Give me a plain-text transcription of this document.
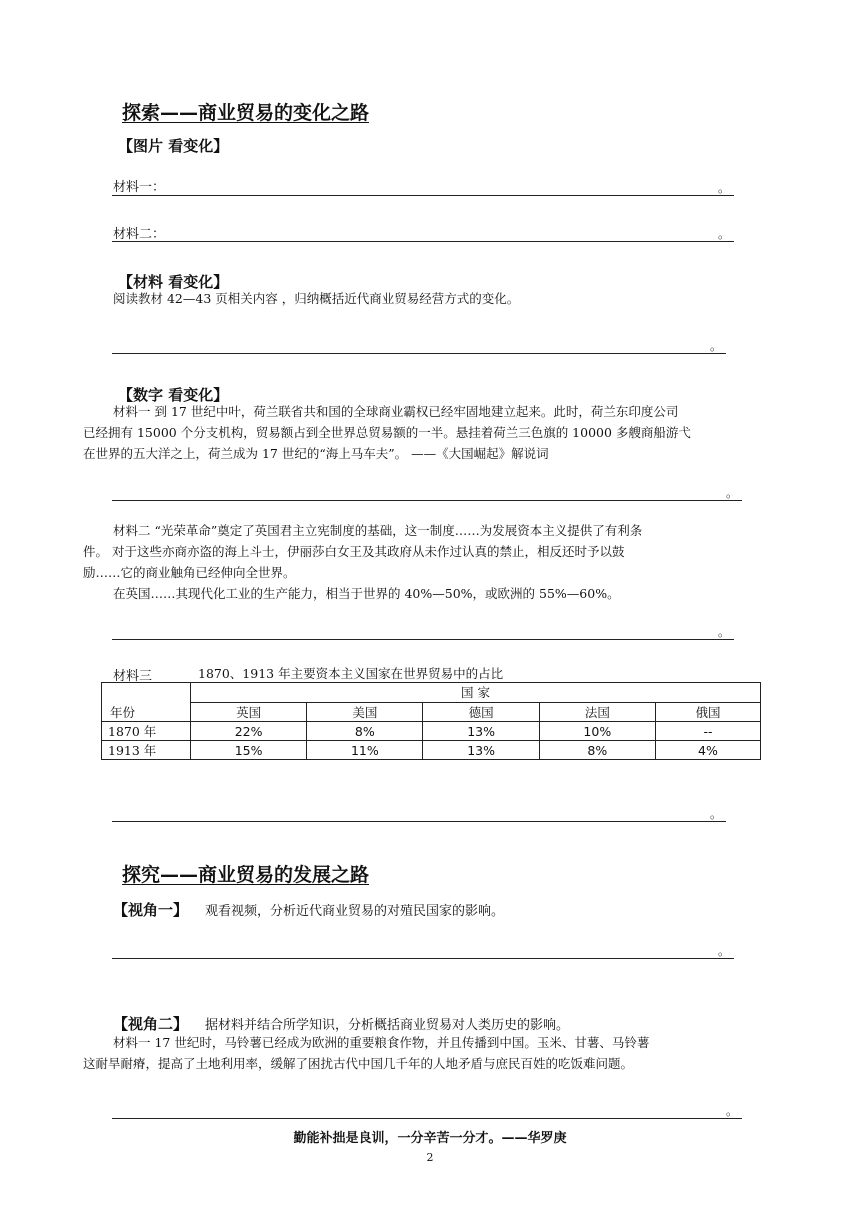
探索——商业贸易的变化之路
【图片 看变化】
材料一：	。
材料二：	。
【材料 看变化】
阅读教材 42—43 页相关内容 ，归纳概括近代商业贸易经营方式的变化。
。
【数字 看变化】
材料一 到 17 世纪中叶，荷兰联省共和国的全球商业霸权已经牢固地建立起来。此时，荷兰东印度公司
已经拥有 15000 个分支机构，贸易额占到全世界总贸易额的一半。悬挂着荷兰三色旗的 10000 多艘商船游弋
在世界的五大洋之上，荷兰成为 17 世纪的“海上马车夫”。 ——《大国崛起》解说词
。
材料二 “光荣革命”奠定了英国君主立宪制度的基础，这一制度……为发展资本主义提供了有利条
件。 对于这些亦商亦盗的海上斗士，伊丽莎白女王及其政府从未作过认真的禁止，相反还时予以鼓
励……它的商业触角已经伸向全世界。
在英国……其现代化工业的生产能力，相当于世界的 40%—50%，或欧洲的 55%—60%。
。
材料三	1870、1913 年主要资本主义国家在世界贸易中的占比
年份	国 家				
	英国	美国	德国	法国	俄国
1870 年	22%	8%	13%	10%	--
1913 年	15%	11%	13%	8%	4%
。
探究——商业贸易的发展之路
【视角一】 观看视频，分析近代商业贸易的对殖民国家的影响。
。
【视角二】 据材料并结合所学知识，分析概括商业贸易对人类历史的影响。
材料一 17 世纪时，马铃薯已经成为欧洲的重要粮食作物，并且传播到中国。玉米、甘薯、马铃薯
这耐旱耐瘠，提高了土地利用率，缓解了困扰古代中国几千年的人地矛盾与庶民百姓的吃饭难问题。
。
勤能补拙是良训，一分辛苦一分才。——华罗庚
2
